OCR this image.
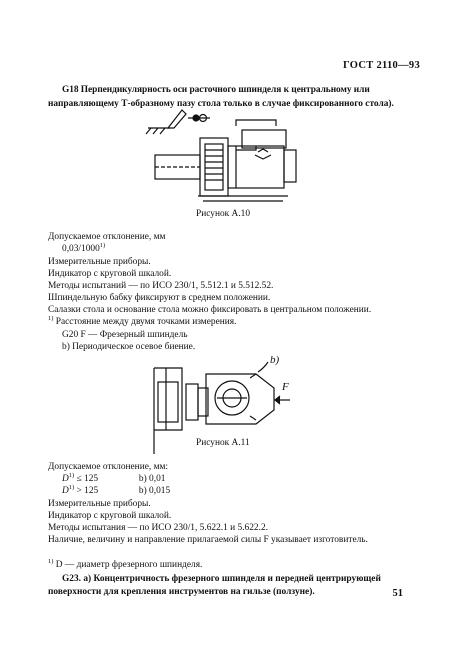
ГОСТ 2110—93
G18 Перпендикулярность оси расточного шпинделя к центральному или
направляющему Т-образному пазу стола только в случае фиксированного стола).
Рисунок А.10
Допускаемое отклонение, мм
0,03/1000$^{1)}$
Измерительные приборы.
Индикатор с круговой шкалой.
Методы испытаний — по ИСО 230/1, 5.512.1 и 5.512.52.
Шпиндельную бабку фиксируют в среднем положении.
Салазки стола и основание стола можно фиксировать в центральном положении.
$^{1)}$ Расстояние между двумя точками измерения.
G20 F — Фрезерный шпиндель
b) Периодическое осевое биение.
b)
F
Рисунок А.11
Допускаемое отклонение, мм:
$D^{1)} \le 125$	b) 0,01
$D^{1)} > 125$	b) 0,015
Измерительные приборы.
Индикатор с круговой шкалой.
Методы испытания — по ИСО 230/1, 5.622.1 и 5.622.2.
Наличие, величину и направление прилагаемой силы F указывает изготовитель.
$^{1)}$ D — диаметр фрезерного шпинделя.
G23. а) Концентричность фрезерного шпинделя и передней центрирующей
поверхности для крепления инструментов на гильзе (ползуне).	51
